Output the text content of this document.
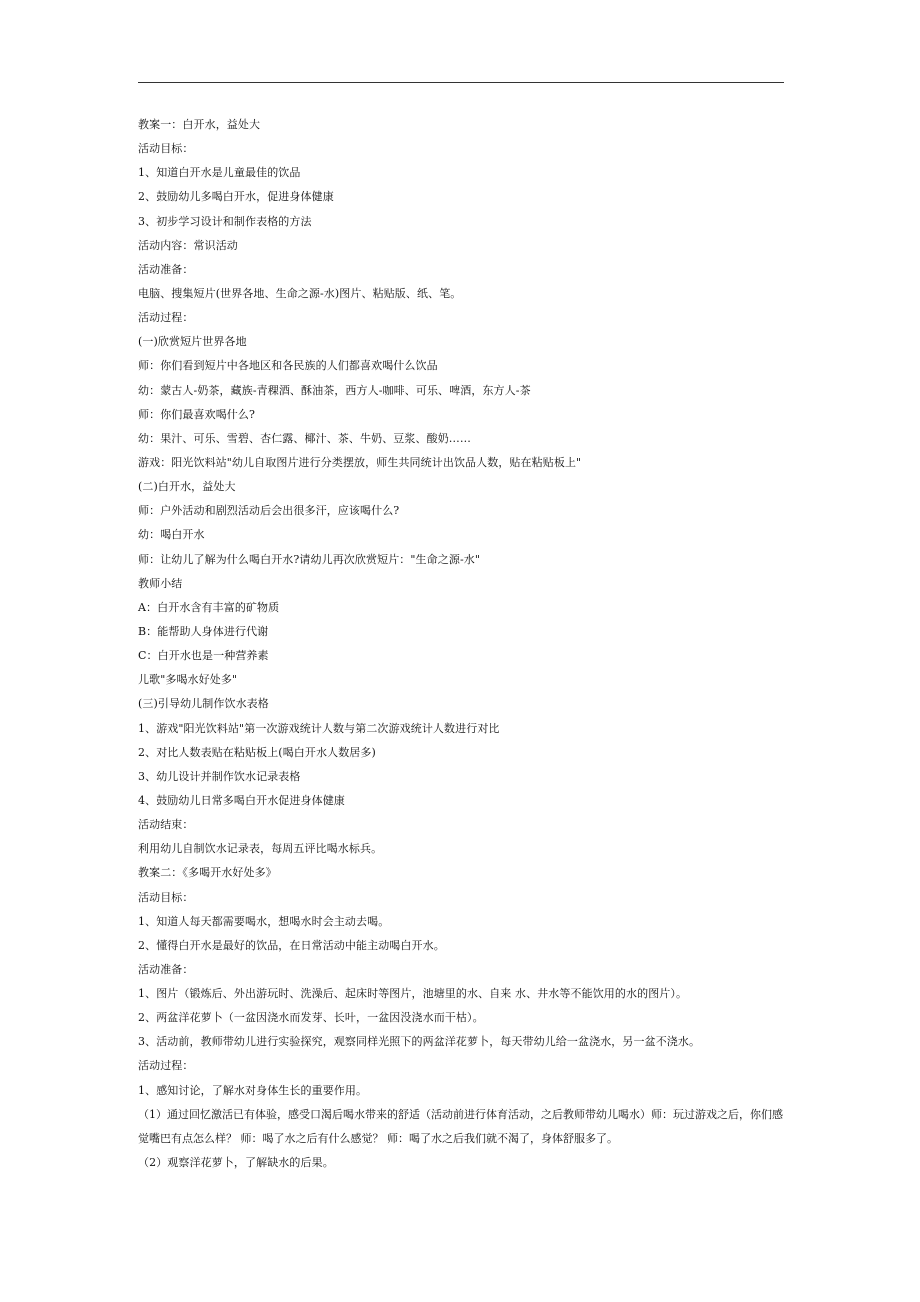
教案一：白开水，益处大
活动目标：
1、知道白开水是儿童最佳的饮品
2、鼓励幼儿多喝白开水，促进身体健康
3、初步学习设计和制作表格的方法
活动内容：常识活动
活动准备：
电脑、搜集短片(世界各地、生命之源-水)图片、粘贴版、纸、笔。
活动过程：
(一)欣赏短片世界各地
师：你们看到短片中各地区和各民族的人们都喜欢喝什么饮品
幼：蒙古人-奶茶，藏族-青稞酒、酥油茶，西方人-咖啡、可乐、啤酒，东方人-茶
师：你们最喜欢喝什么?
幼：果汁、可乐、雪碧、杏仁露、椰汁、茶、牛奶、豆浆、酸奶……
游戏：阳光饮料站"幼儿自取图片进行分类摆放，师生共同统计出饮品人数，贴在粘贴板上"
(二)白开水，益处大
师：户外活动和剧烈活动后会出很多汗，应该喝什么?
幼：喝白开水
师：让幼儿了解为什么喝白开水?请幼儿再次欣赏短片："生命之源-水"
教师小结
A：白开水含有丰富的矿物质
B：能帮助人身体进行代谢
C：白开水也是一种营养素
儿歌"多喝水好处多"
(三)引导幼儿制作饮水表格
1、游戏"阳光饮料站"第一次游戏统计人数与第二次游戏统计人数进行对比
2、对比人数表贴在粘贴板上(喝白开水人数居多)
3、幼儿设计并制作饮水记录表格
4、鼓励幼儿日常多喝白开水促进身体健康
活动结束：
利用幼儿自制饮水记录表，每周五评比喝水标兵。
教案二：《多喝开水好处多》
活动目标：
1、知道人每天都需要喝水，想喝水时会主动去喝。
2、懂得白开水是最好的饮品，在日常活动中能主动喝白开水。
活动准备：
1、图片（锻炼后、外出游玩时、洗澡后、起床时等图片，池塘里的水、自来 水、井水等不能饮用的水的图片）。
2、两盆洋花萝卜（一盆因浇水而发芽、长叶，一盆因没浇水而干枯）。
3、活动前，教师带幼儿进行实验探究，观察同样光照下的两盆洋花萝卜，每天带幼儿给一盆浇水，另一盆不浇水。
活动过程：
1、感知讨论，了解水对身体生长的重要作用。
（1）通过回忆激活已有体验，感受口渴后喝水带来的舒适（活动前进行体育活动，之后教师带幼儿喝水）师：玩过游戏之后，你们感觉嘴巴有点怎么样？ 师：喝了水之后有什么感觉？ 师：喝了水之后我们就不渴了，身体舒服多了。
（2）观察洋花萝卜，了解缺水的后果。
